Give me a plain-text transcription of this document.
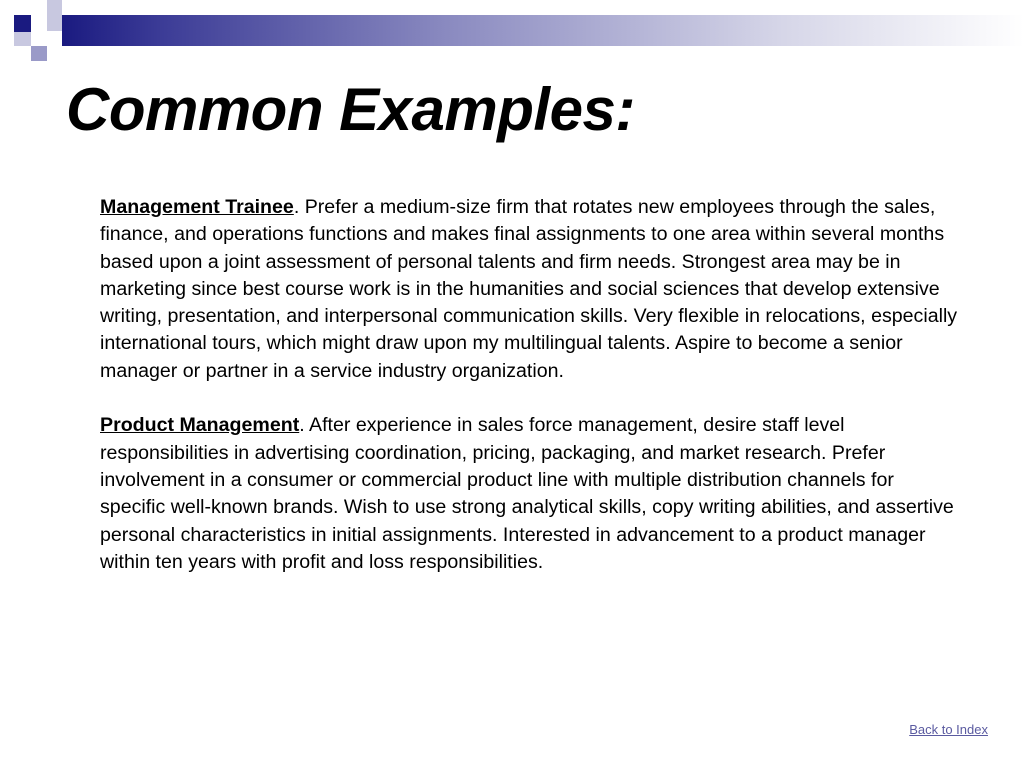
Common Examples:

Management Trainee. Prefer a medium-size firm that rotates new employees through the sales, finance, and operations functions and makes final assignments to one area within several months based upon a joint assessment of personal talents and firm needs. Strongest area may be in marketing since best course work is in the humanities and social sciences that develop extensive writing, presentation, and interpersonal communication skills. Very flexible in relocations, especially international tours, which might draw upon my multilingual talents. Aspire to become a senior manager or partner in a service industry organization.

Product Management. After experience in sales force management, desire staff level responsibilities in advertising coordination, pricing, packaging, and market research. Prefer involvement in a consumer or commercial product line with multiple distribution channels for specific well-known brands. Wish to use strong analytical skills, copy writing abilities, and assertive personal characteristics in initial assignments. Interested in advancement to a product manager within ten years with profit and loss responsibilities.

Back to Index
